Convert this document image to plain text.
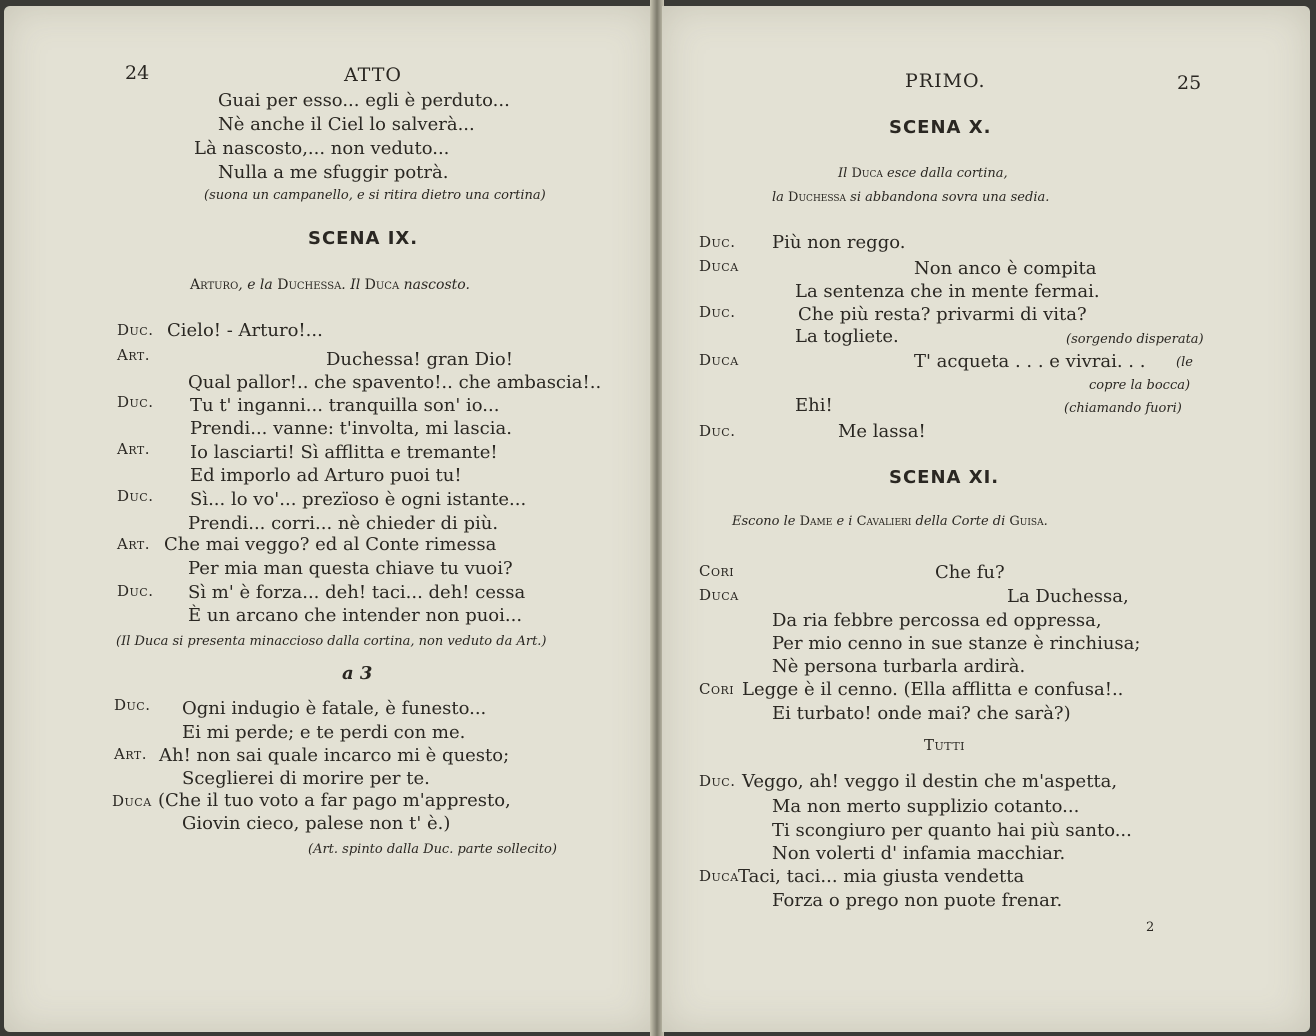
24	ATTO
Guai per esso... egli è perduto...
Nè anche il Ciel lo salverà...
Là nascosto,... non veduto...
Nulla a me sfuggir potrà.
(suona un campanello, e si ritira dietro una cortina)
SCENA IX.
Arturo, e la Duchessa. Il Duca nascosto.
Duc. Cielo! - Arturo!...
Art.	Duchessa! gran Dio!
Qual pallor!.. che spavento!.. che ambascia!..
Duc. Tu t' inganni... tranquilla son' io...
Prendi... vanne: t'involta, mi lascia.
Art. Io lasciarti! Sì afflitta e tremante!
Ed imporlo ad Arturo puoi tu!
Duc. Sì... lo vo'... prezïoso è ogni istante...
Prendi... corri... nè chieder di più.
Art. Che mai veggo? ed al Conte rimessa
Per mia man questa chiave tu vuoi?
Duc. Sì m' è forza... deh! taci... deh! cessa
È un arcano che intender non puoi...
(Il Duca si presenta minaccioso dalla cortina, non veduto da Art.)
a 3
Duc. Ogni indugio è fatale, è funesto...
Ei mi perde; e te perdi con me.
Art. Ah! non sai quale incarco mi è questo;
Sceglierei di morire per te.
Duca (Che il tuo voto a far pago m'appresto,
Giovin cieco, palese non t' è.)
(Art. spinto dalla Duc. parte sollecito)
PRIMO.	25
SCENA X.
Il Duca esce dalla cortina,
la Duchessa si abbandona sovra una sedia.
Duc. Più non reggo.
Duca	Non anco è compita
La sentenza che in mente fermai.
Duc.	Che più resta? privarmi di vita?
La togliete.	(sorgendo disperata)
Duca	T' acqueta . . . e vivrai. . . (le
copre la bocca)
Ehi!	(chiamando fuori)
Duc.	Me lassa!
SCENA XI.
Escono le Dame e i Cavalieri della Corte di Guisa.
Cori	Che fu?
Duca	La Duchessa,
Da ria febbre percossa ed oppressa,
Per mio cenno in sue stanze è rinchiusa;
Nè persona turbarla ardirà.
Cori Legge è il cenno. (Ella afflitta e confusa!..
Ei turbato! onde mai? che sarà?)
Tutti
Duc. Veggo, ah! veggo il destin che m'aspetta,
Ma non merto supplizio cotanto...
Ti scongiuro per quanto hai più santo...
Non volerti d' infamia macchiar.
Duca Taci, taci... mia giusta vendetta
Forza o prego non puote frenar.
2
